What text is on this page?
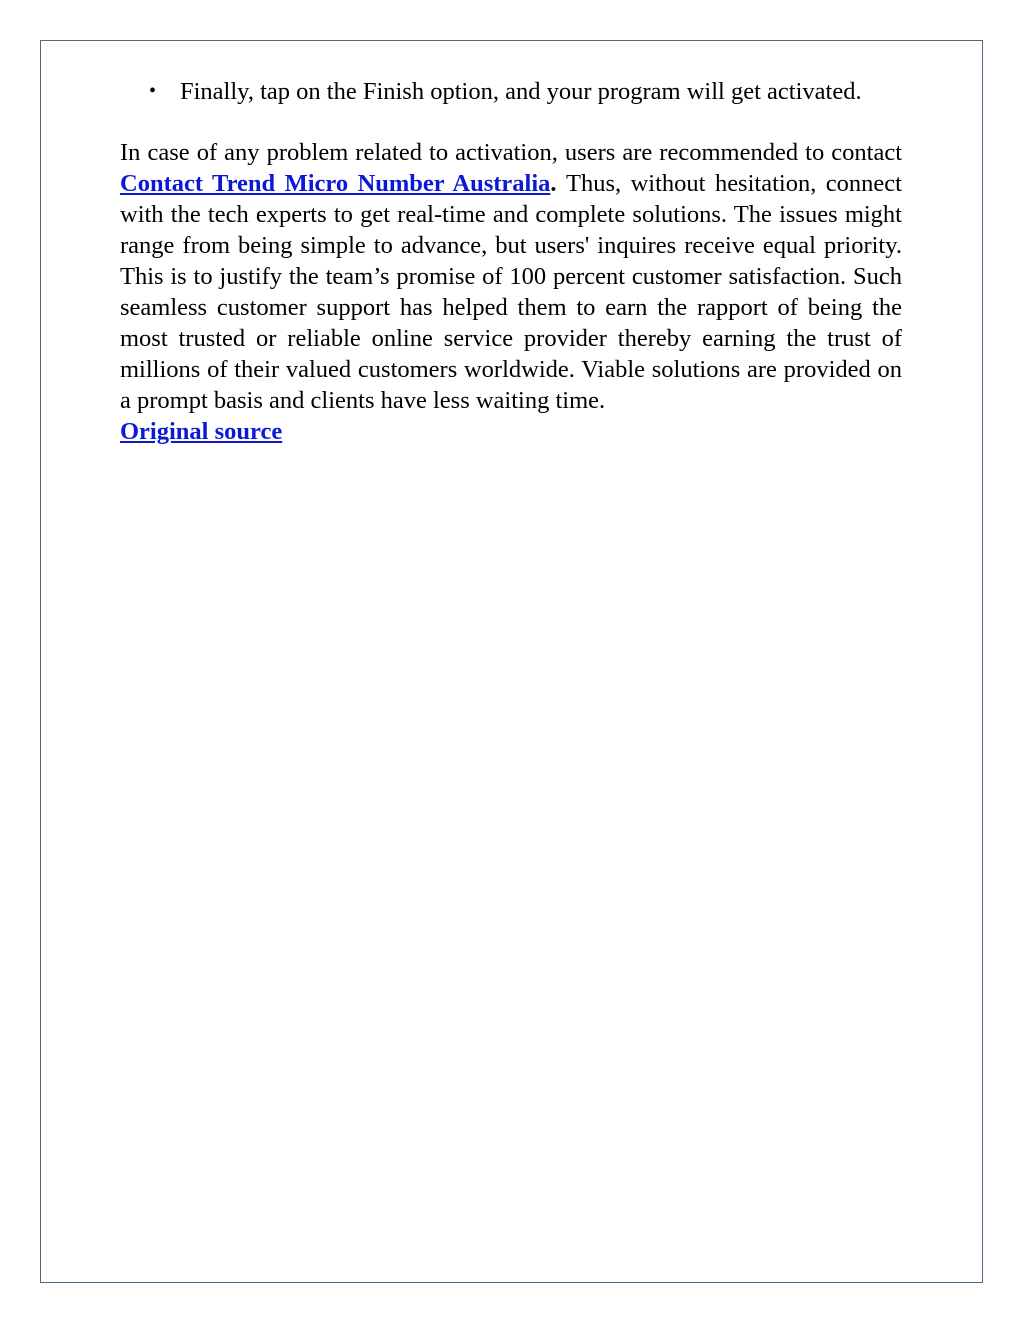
• Finally, tap on the Finish option, and your program will get activated.

In case of any problem related to activation, users are recommended to contact Contact Trend Micro Number Australia. Thus, without hesitation, connect with the tech experts to get real-time and complete solutions. The issues might range from being simple to advance, but users' inquires receive equal priority. This is to justify the team’s promise of 100 percent customer satisfaction. Such seamless customer support has helped them to earn the rapport of being the most trusted or reliable online service provider thereby earning the trust of millions of their valued customers worldwide. Viable solutions are provided on a prompt basis and clients have less waiting time.

Original source
